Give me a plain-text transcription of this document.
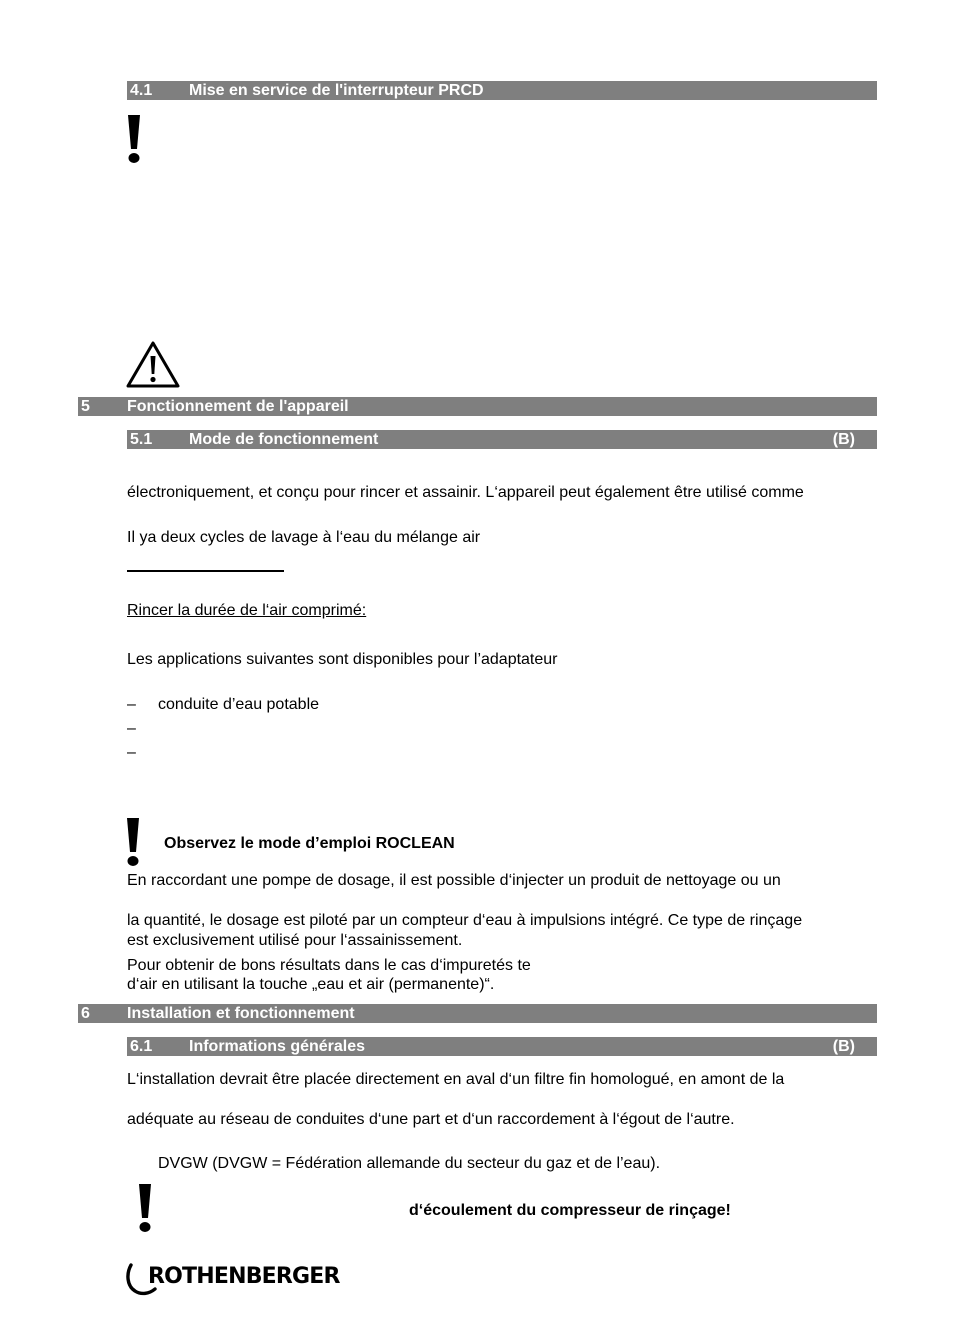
4.1 Mise en service de l'interrupteur PRCD
5 Fonctionnement de l'appareil
5.1 Mode de fonctionnement	(B)
électroniquement, et conçu pour rincer et assainir. L‘appareil peut également être utilisé comme
Il ya deux cycles de lavage à l‘eau du mélange air
Rincer la durée de l‘air comprimé:
Les applications suivantes sont disponibles pour l’adaptateur
– conduite d’eau potable
–
–
Observez le mode d’emploi ROCLEAN
En raccordant une pompe de dosage, il est possible d‘injecter un produit de nettoyage ou un
la quantité, le dosage est piloté par un compteur d‘eau à impulsions intégré. Ce type de rinçage
est exclusivement utilisé pour l‘assainissement.
Pour obtenir de bons résultats dans le cas d‘impuretés te
d‘air en utilisant la touche „eau et air (permanente)“.
6 Installation et fonctionnement
6.1 Informations générales	(B)
L‘installation devrait être placée directement en aval d‘un filtre fin homologué, en amont de la
adéquate au réseau de conduites d‘une part et d‘un raccordement à l‘égout de l‘autre.
DVGW (DVGW = Fédération allemande du secteur du gaz et de l’eau).
d‘écoulement du compresseur de rinçage!
ROTHENBERGER
